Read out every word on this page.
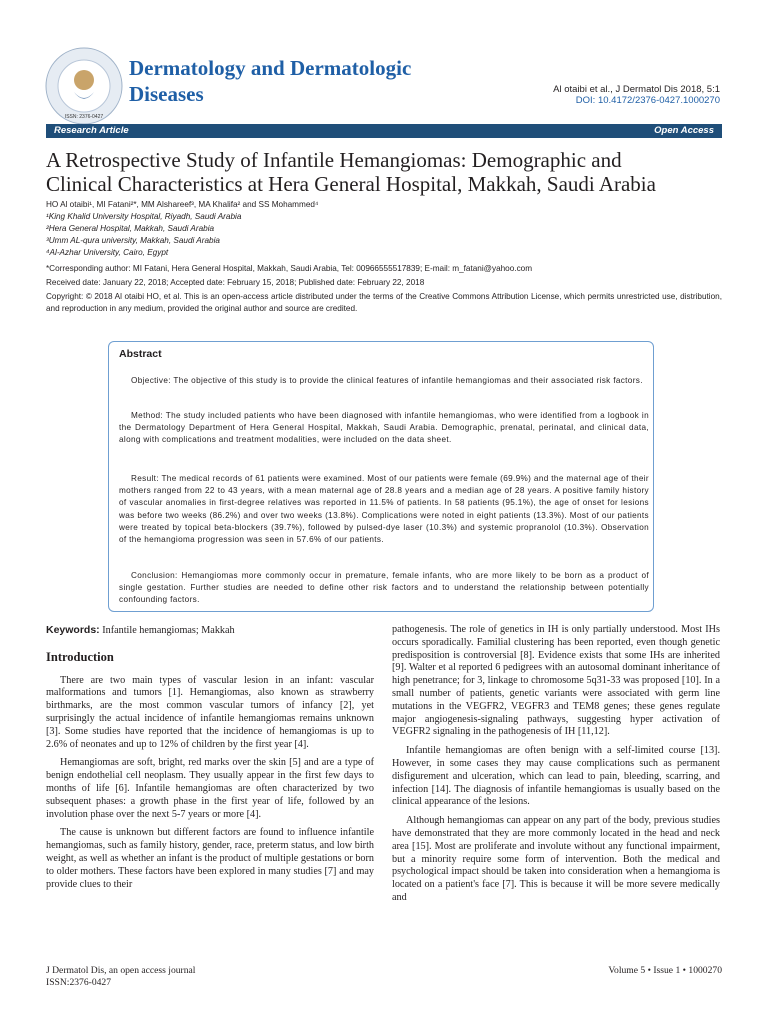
ISSN: 2376-0427
Dermatology and Dermatologic
Diseases	Al otaibi et al., J Dermatol Dis 2018, 5:1
DOI: 10.4172/2376-0427.1000270
Research Article	Open Access
A Retrospective Study of Infantile Hemangiomas: Demographic and
Clinical Characteristics at Hera General Hospital, Makkah, Saudi Arabia
HO Al otaibi¹, MI Fatani²*, MM Alshareef³, MA Khalifa² and SS Mohammed⁴
¹King Khalid University Hospital, Riyadh, Saudi Arabia
²Hera General Hospital, Makkah, Saudi Arabia
³Umm AL-qura university, Makkah, Saudi Arabia
⁴Al-Azhar University, Cairo, Egypt
*Corresponding author: MI Fatani, Hera General Hospital, Makkah, Saudi Arabia, Tel: 00966555517839; E-mail: m_fatani@yahoo.com
Received date: January 22, 2018; Accepted date: February 15, 2018; Published date: February 22, 2018
Copyright: © 2018 Al otaibi HO, et al. This is an open-access article distributed under the terms of the Creative Commons Attribution License, which permits unrestricted use, distribution, and reproduction in any medium, provided the original author and source are credited.
Abstract

Objective: The objective of this study is to provide the clinical features of infantile hemangiomas and their associated risk factors.

Method: The study included patients who have been diagnosed with infantile hemangiomas, who were identified from a logbook in the Dermatology Department of Hera General Hospital, Makkah, Saudi Arabia. Demographic, prenatal, perinatal, and clinical data, along with complications and treatment modalities, were included on the data sheet.

Result: The medical records of 61 patients were examined. Most of our patients were female (69.9%) and the maternal age of their mothers ranged from 22 to 43 years, with a mean maternal age of 28.8 years and a median age of 28 years. A positive family history of vascular anomalies in first-degree relatives was reported in 11.5% of patients. In 58 patients (95.1%), the age of onset for lesions was before two weeks (86.2%) and over two weeks (13.8%). Complications were noted in eight patients (13.3%). Most of our patients were treated by topical beta-blockers (39.7%), followed by pulsed-dye laser (10.3%) and systemic propranolol (10.3%). Observation of the hemangioma progression was seen in 57.6% of our patients.

Conclusion: Hemangiomas more commonly occur in premature, female infants, who are more likely to be born as a product of single gestation. Further studies are needed to define other risk factors and to understand the relationship between potentially confounding factors.

Keywords: Infantile hemangiomas; Makkah

Introduction

There are two main types of vascular lesion in an infant: vascular malformations and tumors [1]. Hemangiomas, also known as strawberry birthmarks, are the most common vascular tumors of infancy [2], yet surprisingly the actual incidence of infantile hemangiomas remains unknown [3]. Some studies have reported that the incidence of hemangiomas is up to 2.6% of neonates and up to 12% of children by the first year [4].

Hemangiomas are soft, bright, red marks over the skin [5] and are a type of benign endothelial cell neoplasm. They usually appear in the first few days to months of life [6]. Infantile hemangiomas are often characterized by two subsequent phases: a growth phase in the first year of life, followed by an involution phase over the next 5-7 years or more [4].

The cause is unknown but different factors are found to influence infantile hemangiomas, such as family history, gender, race, preterm status, and low birth weight, as well as whether an infant is the product of multiple gestations or born to older mothers. These factors have been explored in many studies [7] and may provide clues to their

pathogenesis. The role of genetics in IH is only partially understood. Most IHs occurs sporadically. Familial clustering has been reported, even though genetic predisposition is controversial [8]. Evidence exists that some IHs are inherited [9]. Walter et al reported 6 pedigrees with an autosomal dominant inheritance of high penetrance; for 3, linkage to chromosome 5q31-33 was proposed [10]. In a small number of patients, genetic variants were associated with germ line mutations in the VEGFR2, VEGFR3 and TEM8 genes; these genes regulate major angiogenesis-signaling pathways, suggesting hyper activation of VEGFR2 signaling in the pathogenesis of IH [11,12].

Infantile hemangiomas are often benign with a self-limited course [13]. However, in some cases they may cause complications such as permanent disfigurement and ulceration, which can lead to pain, bleeding, scarring, and infection [14]. The diagnosis of infantile hemangiomas is usually based on the clinical appearance of the lesions.

Although hemangiomas can appear on any part of the body, previous studies have demonstrated that they are more commonly located in the head and neck area [15]. Most are proliferate and involute without any functional impairment, but a minority require some form of intervention. Both the medical and psychological impact should be taken into consideration when a hemangioma is located on a patient's face [7]. This is because it will be more severe medically and

J Dermatol Dis, an open access journal
ISSN:2376-0427
Volume 5 • Issue 1 • 1000270
